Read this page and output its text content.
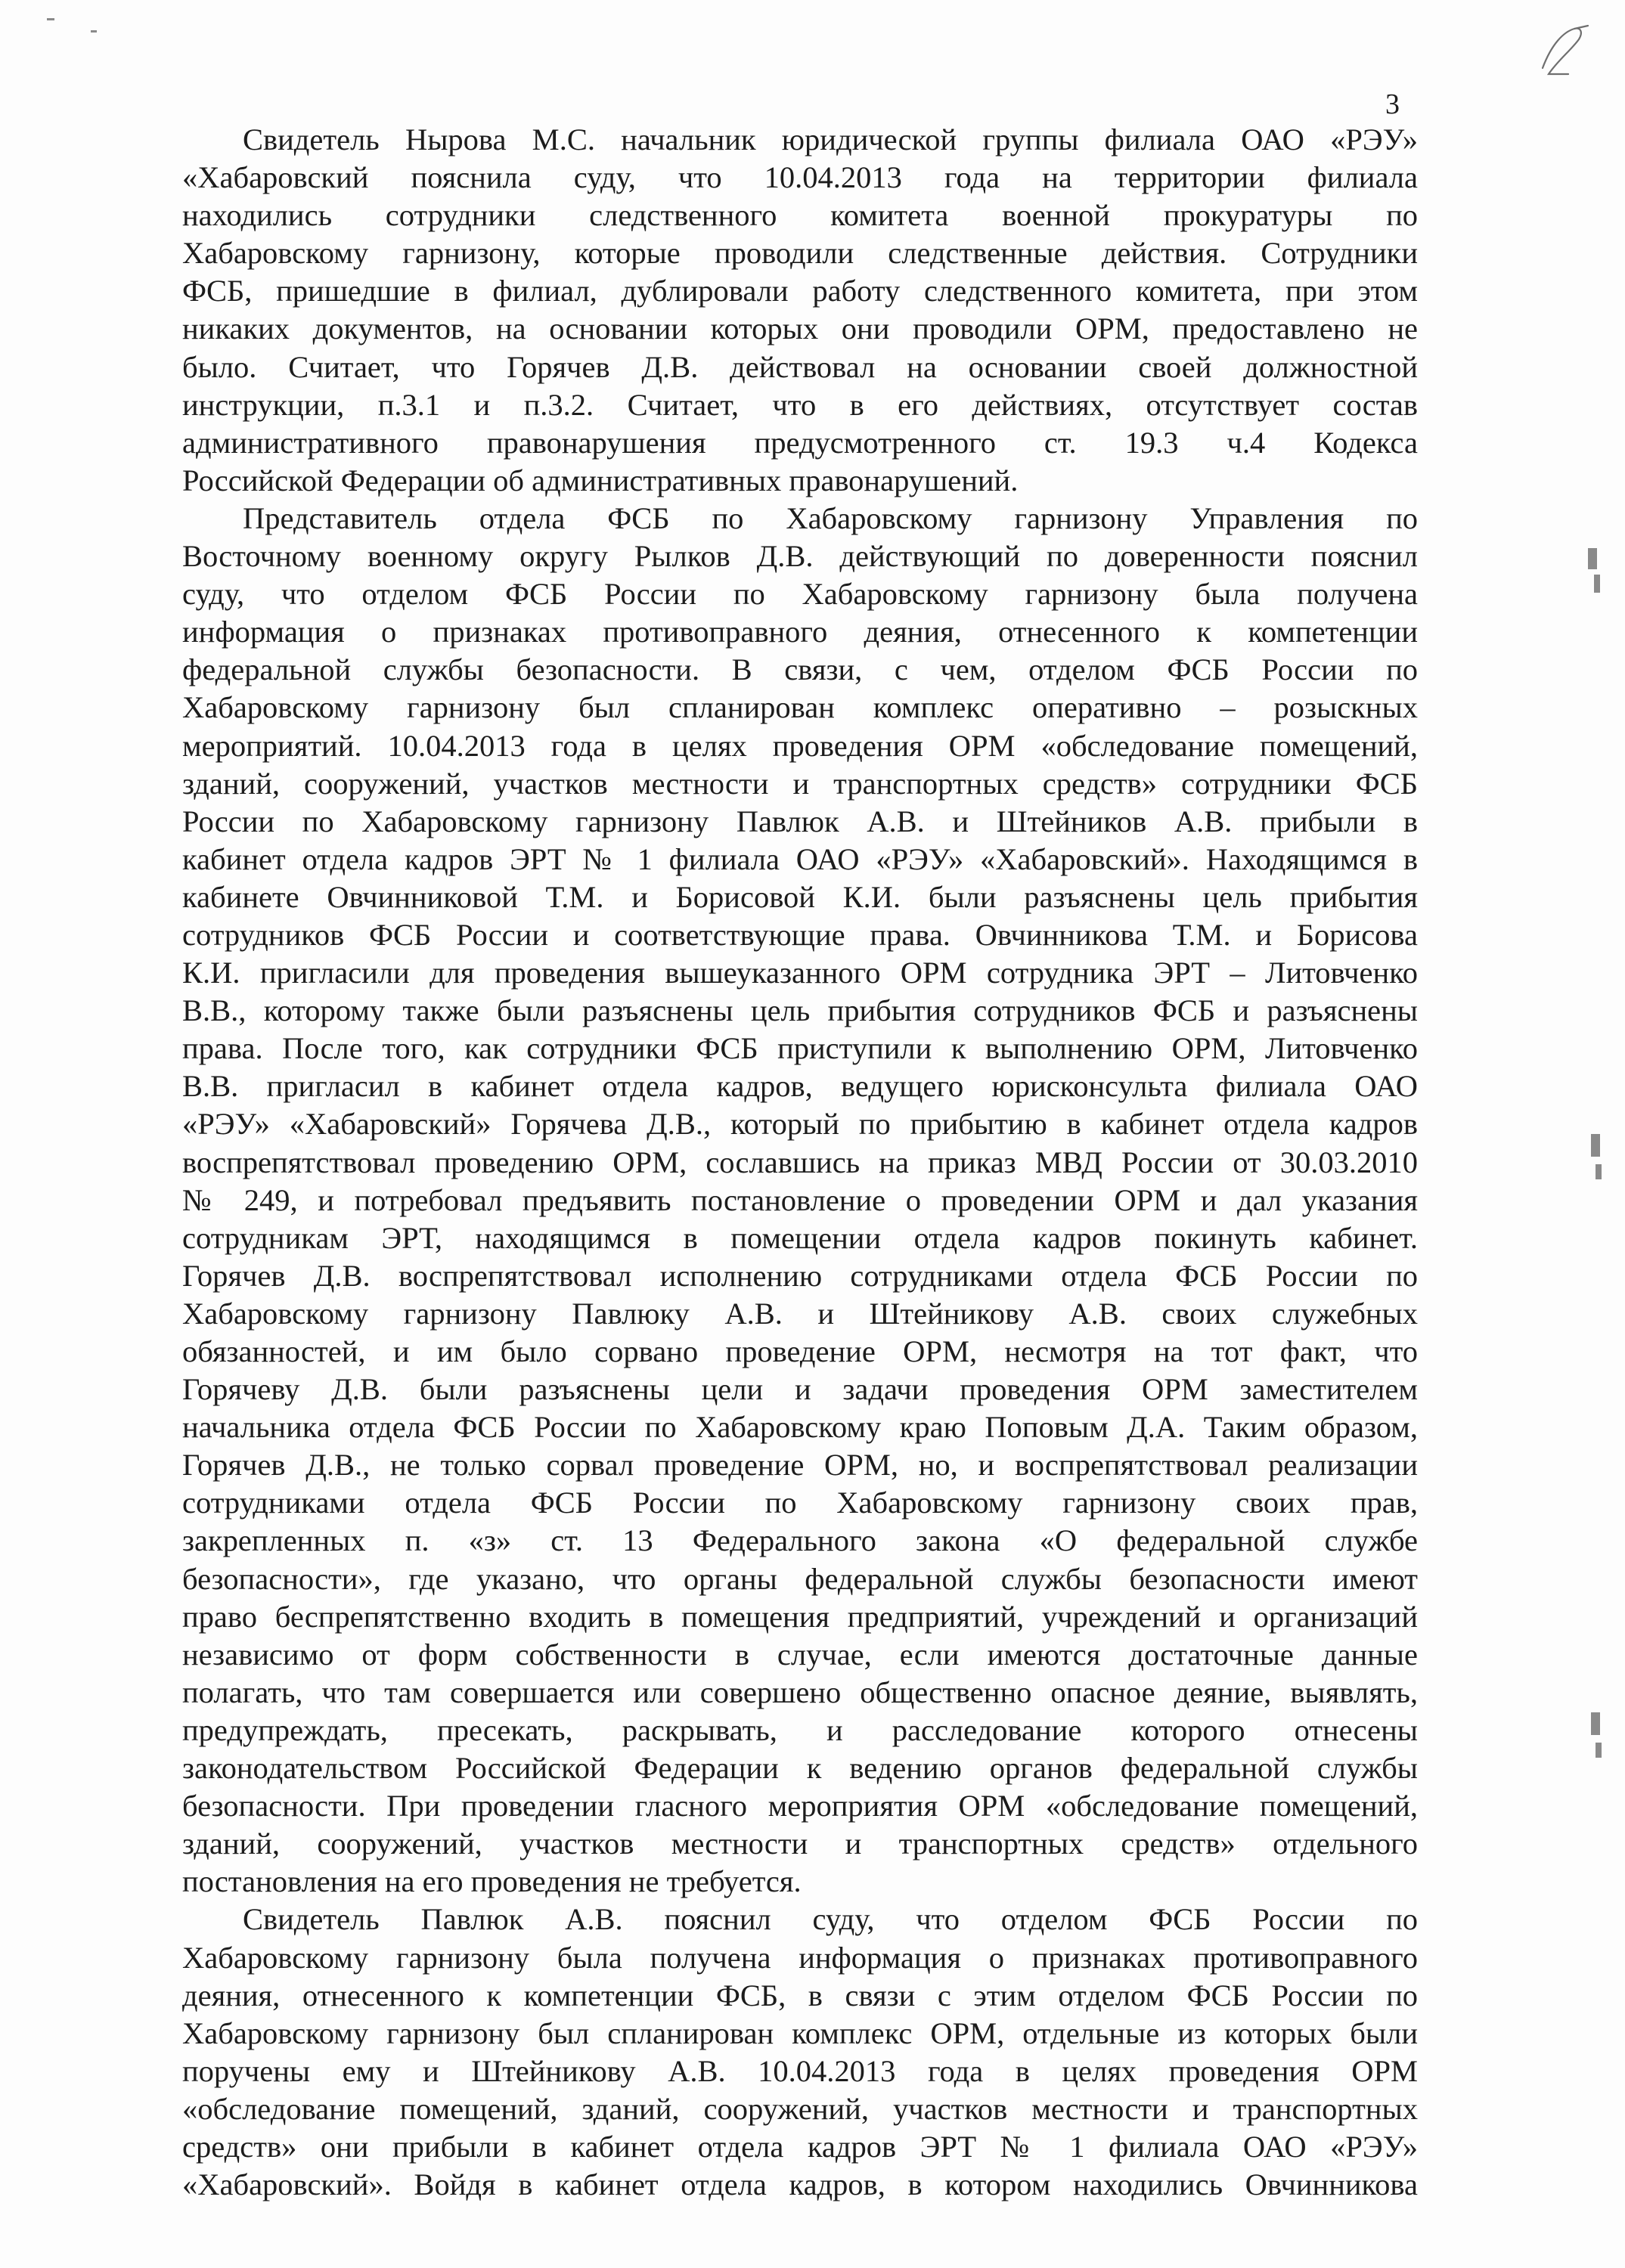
3
Свидетель Нырова М.С. начальник юридической группы филиала ОАО «РЭУ»
«Хабаровский пояснила суду, что 10.04.2013 года на территории филиала
находились сотрудники следственного комитета военной прокуратуры по
Хабаровскому гарнизону, которые проводили следственные действия. Сотрудники
ФСБ, пришедшие в филиал, дублировали работу следственного комитета, при этом
никаких документов, на основании которых они проводили ОРМ, предоставлено не
было. Считает, что Горячев Д.В. действовал на основании своей должностной
инструкции, п.3.1 и п.3.2. Считает, что в его действиях, отсутствует состав
административного правонарушения предусмотренного ст. 19.3 ч.4 Кодекса
Российской Федерации об административных правонарушений.
Представитель отдела ФСБ по Хабаровскому гарнизону Управления по
Восточному военному округу Рылков Д.В. действующий по доверенности пояснил
суду, что отделом ФСБ России по Хабаровскому гарнизону была получена
информация о признаках противоправного деяния, отнесенного к компетенции
федеральной службы безопасности. В связи, с чем, отделом ФСБ России по
Хабаровскому гарнизону был спланирован комплекс оперативно – розыскных
мероприятий. 10.04.2013 года в целях проведения ОРМ «обследование помещений,
зданий, сооружений, участков местности и транспортных средств» сотрудники ФСБ
России по Хабаровскому гарнизону Павлюк А.В. и Штейников А.В. прибыли в
кабинет отдела кадров ЭРТ № 1 филиала ОАО «РЭУ» «Хабаровский». Находящимся в
кабинете Овчинниковой Т.М. и Борисовой К.И. были разъяснены цель прибытия
сотрудников ФСБ России и соответствующие права. Овчинникова Т.М. и Борисова
К.И. пригласили для проведения вышеуказанного ОРМ сотрудника ЭРТ – Литовченко
В.В., которому также были разъяснены цель прибытия сотрудников ФСБ и разъяснены
права. После того, как сотрудники ФСБ приступили к выполнению ОРМ, Литовченко
В.В. пригласил в кабинет отдела кадров, ведущего юрисконсульта филиала ОАО
«РЭУ» «Хабаровский» Горячева Д.В., который по прибытию в кабинет отдела кадров
воспрепятствовал проведению ОРМ, сославшись на приказ МВД России от 30.03.2010
№ 249, и потребовал предъявить постановление о проведении ОРМ и дал указания
сотрудникам ЭРТ, находящимся в помещении отдела кадров покинуть кабинет.
Горячев Д.В. воспрепятствовал исполнению сотрудниками отдела ФСБ России по
Хабаровскому гарнизону Павлюку А.В. и Штейникову А.В. своих служебных
обязанностей, и им было сорвано проведение ОРМ, несмотря на тот факт, что
Горячеву Д.В. были разъяснены цели и задачи проведения ОРМ заместителем
начальника отдела ФСБ России по Хабаровскому краю Поповым Д.А. Таким образом,
Горячев Д.В., не только сорвал проведение ОРМ, но, и воспрепятствовал реализации
сотрудниками отдела ФСБ России по Хабаровскому гарнизону своих прав,
закрепленных п. «з» ст. 13 Федерального закона «О федеральной службе
безопасности», где указано, что органы федеральной службы безопасности имеют
право беспрепятственно входить в помещения предприятий, учреждений и организаций
независимо от форм собственности в случае, если имеются достаточные данные
полагать, что там совершается или совершено общественно опасное деяние, выявлять,
предупреждать, пресекать, раскрывать, и расследование которого отнесены
законодательством Российской Федерации к ведению органов федеральной службы
безопасности. При проведении гласного мероприятия ОРМ «обследование помещений,
зданий, сооружений, участков местности и транспортных средств» отдельного
постановления на его проведения не требуется.
Свидетель Павлюк А.В. пояснил суду, что отделом ФСБ России по
Хабаровскому гарнизону была получена информация о признаках противоправного
деяния, отнесенного к компетенции ФСБ, в связи с этим отделом ФСБ России по
Хабаровскому гарнизону был спланирован комплекс ОРМ, отдельные из которых были
поручены ему и Штейникову А.В. 10.04.2013 года в целях проведения ОРМ
«обследование помещений, зданий, сооружений, участков местности и транспортных
средств» они прибыли в кабинет отдела кадров ЭРТ № 1 филиала ОАО «РЭУ»
«Хабаровский». Войдя в кабинет отдела кадров, в котором находились Овчинникова
